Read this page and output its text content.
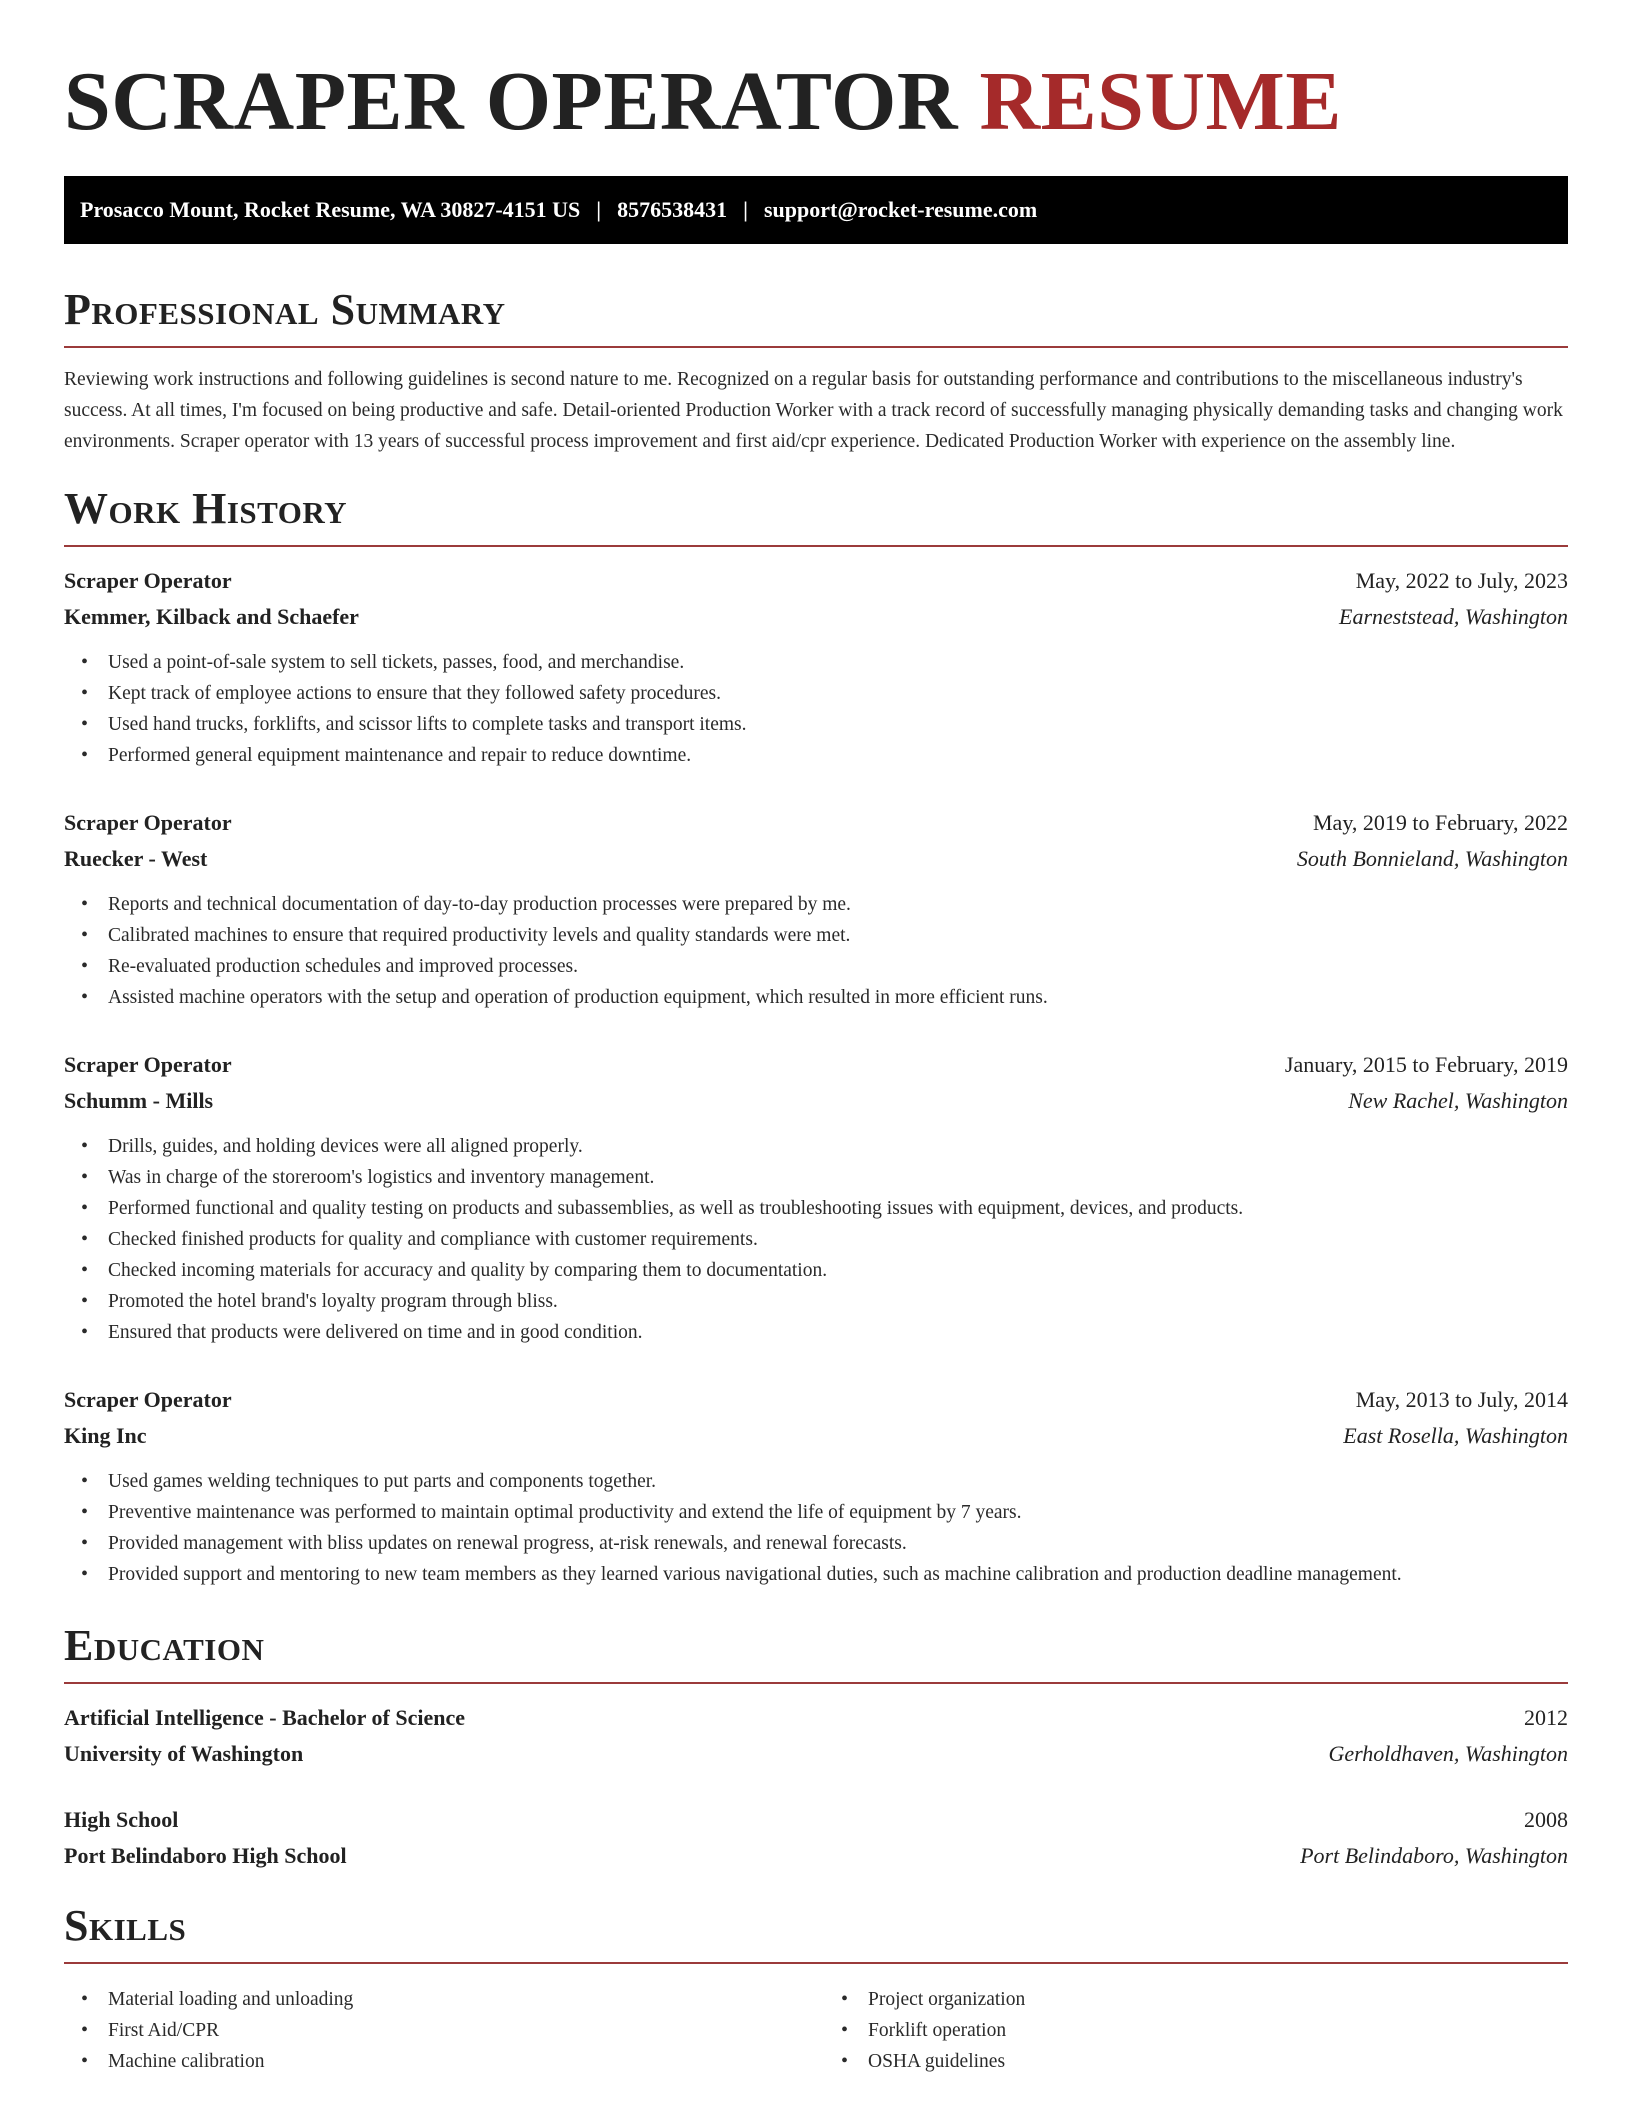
SCRAPER OPERATOR RESUME
Prosacco Mount, Rocket Resume, WA 30827-4151 US | 8576538431 | support@rocket-resume.com
Professional Summary

Reviewing work instructions and following guidelines is second nature to me. Recognized on a regular basis for outstanding performance and contributions to the miscellaneous industry's success. At all times, I'm focused on being productive and safe. Detail-oriented Production Worker with a track record of successfully managing physically demanding tasks and changing work environments. Scraper operator with 13 years of successful process improvement and first aid/cpr experience. Dedicated Production Worker with experience on the assembly line.

Work History
Scraper Operator	May, 2022 to July, 2023
Kemmer, Kilback and Schaefer	Earneststead, Washington
• Used a point-of-sale system to sell tickets, passes, food, and merchandise.
• Kept track of employee actions to ensure that they followed safety procedures.
• Used hand trucks, forklifts, and scissor lifts to complete tasks and transport items.
• Performed general equipment maintenance and repair to reduce downtime.
Scraper Operator	May, 2019 to February, 2022
Ruecker - West	South Bonnieland, Washington
• Reports and technical documentation of day-to-day production processes were prepared by me.
• Calibrated machines to ensure that required productivity levels and quality standards were met.
• Re-evaluated production schedules and improved processes.
• Assisted machine operators with the setup and operation of production equipment, which resulted in more efficient runs.
Scraper Operator	January, 2015 to February, 2019
Schumm - Mills	New Rachel, Washington
• Drills, guides, and holding devices were all aligned properly.
• Was in charge of the storeroom's logistics and inventory management.
• Performed functional and quality testing on products and subassemblies, as well as troubleshooting issues with equipment, devices, and products.
• Checked finished products for quality and compliance with customer requirements.
• Checked incoming materials for accuracy and quality by comparing them to documentation.
• Promoted the hotel brand's loyalty program through bliss.
• Ensured that products were delivered on time and in good condition.
Scraper Operator	May, 2013 to July, 2014
King Inc	East Rosella, Washington
• Used games welding techniques to put parts and components together.
• Preventive maintenance was performed to maintain optimal productivity and extend the life of equipment by 7 years.
• Provided management with bliss updates on renewal progress, at-risk renewals, and renewal forecasts.
• Provided support and mentoring to new team members as they learned various navigational duties, such as machine calibration and production deadline management.
Education
Artificial Intelligence - Bachelor of Science	2012
University of Washington	Gerholdhaven, Washington
High School	2008
Port Belindaboro High School	Port Belindaboro, Washington
Skills
• Material loading and unloading
• First Aid/CPR
• Machine calibration
• Project organization
• Forklift operation
• OSHA guidelines
